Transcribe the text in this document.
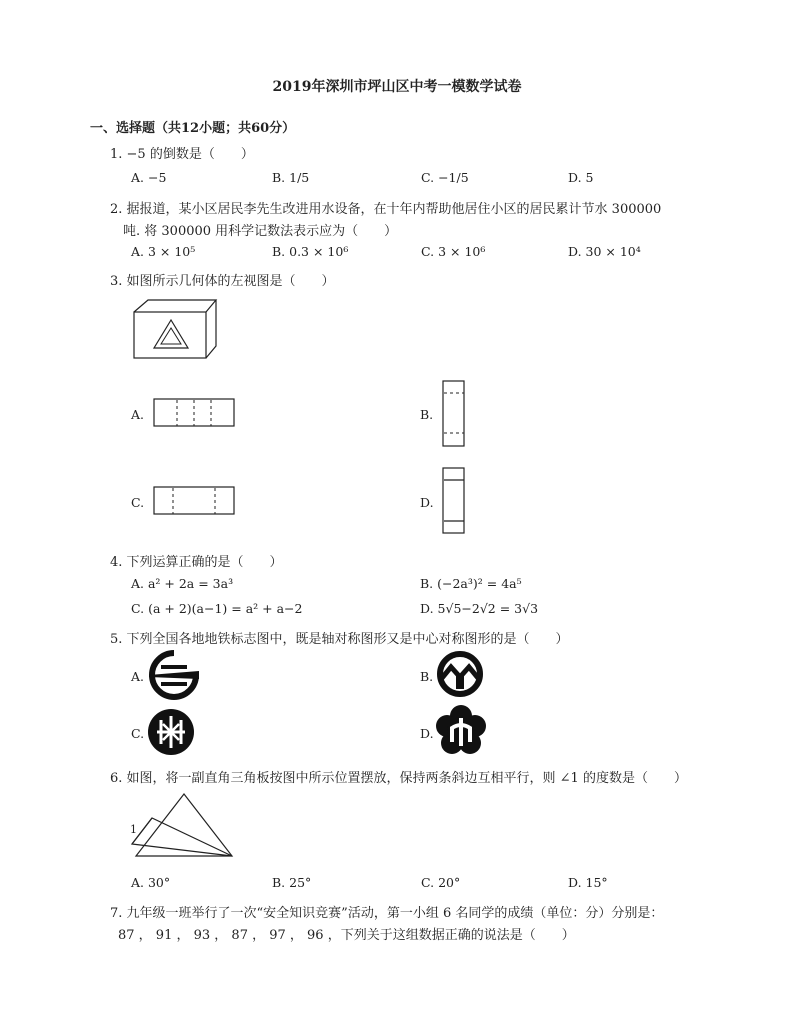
2019年深圳市坪山区中考一模数学试卷
一、选择题（共12小题；共60分）
1. −5 的倒数是（　　）
A. −5	B. 1/5	C. −1/5	D. 5
2. 据报道，某小区居民李先生改进用水设备，在十年内帮助他居住小区的居民累计节水 300000
吨. 将 300000 用科学记数法表示应为（　　）
A. 3 × 10⁵	B. 0.3 × 10⁶	C. 3 × 10⁶	D. 30 × 10⁴
3. 如图所示几何体的左视图是（　　）
A.	B.
C.	D.
4. 下列运算正确的是（　　）
A. a² + 2a = 3a³	B. (−2a³)² = 4a⁵
C. (a + 2)(a−1) = a² + a−2	D. 5√5−2√2 = 3√3
5. 下列全国各地地铁标志图中，既是轴对称图形又是中心对称图形的是（　　）
A.	B.
C.	D.
6. 如图，将一副直角三角板按图中所示位置摆放，保持两条斜边互相平行，则 ∠1 的度数是（　　）
1
A. 30°	B. 25°	C. 20°	D. 15°
7. 九年级一班举行了一次“安全知识竞赛”活动，第一小组 6 名同学的成绩（单位：分）分别是：
87 ， 91 ， 93 ， 87 ， 97 ， 96 ，下列关于这组数据正确的说法是（　　）
